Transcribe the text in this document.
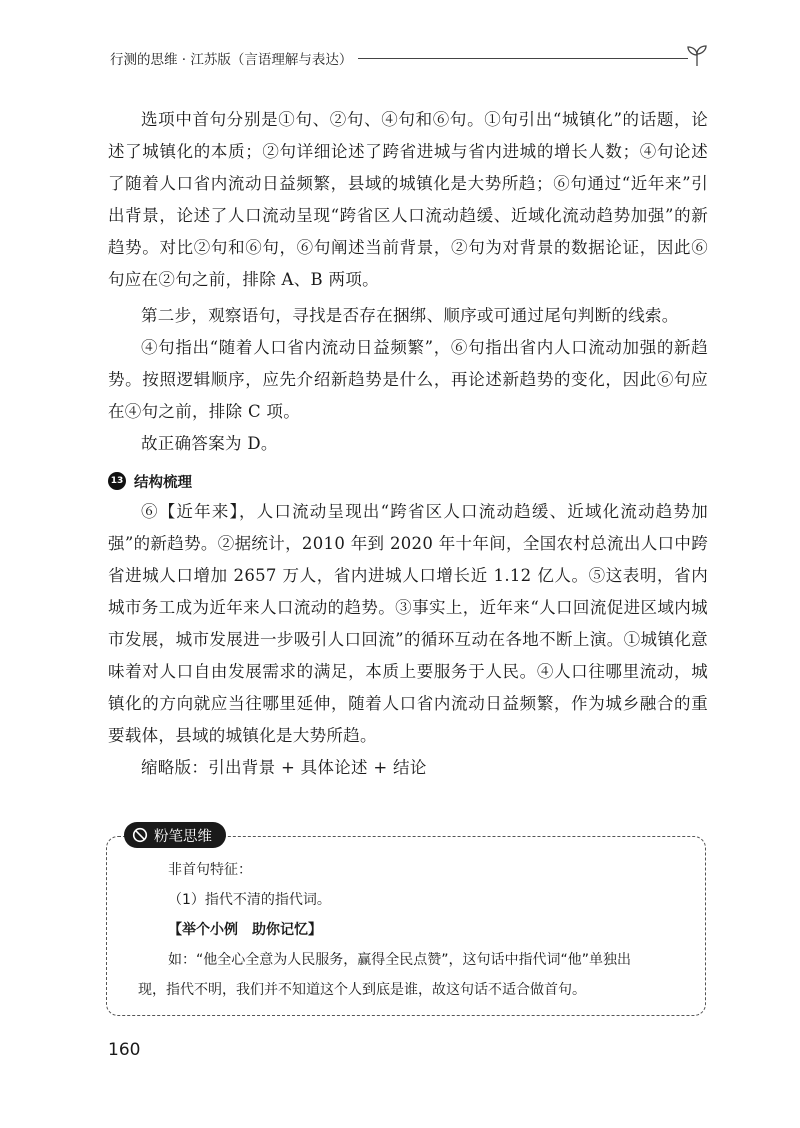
行测的思维 · 江苏版（言语理解与表达）

选项中首句分别是①句、②句、④句和⑥句。①句引出“城镇化”的话题，论述了城镇化的本质；②句详细论述了跨省进城与省内进城的增长人数；④句论述了随着人口省内流动日益频繁，县域的城镇化是大势所趋；⑥句通过“近年来”引出背景，论述了人口流动呈现“跨省区人口流动趋缓、近域化流动趋势加强”的新趋势。对比②句和⑥句，⑥句阐述当前背景，②句为对背景的数据论证，因此⑥句应在②句之前，排除 A、B 两项。

第二步，观察语句，寻找是否存在捆绑、顺序或可通过尾句判断的线索。

④句指出“随着人口省内流动日益频繁”，⑥句指出省内人口流动加强的新趋势。按照逻辑顺序，应先介绍新趋势是什么，再论述新趋势的变化，因此⑥句应在④句之前，排除 C 项。

故正确答案为 D。

13 结构梳理

⑥【近年来】，人口流动呈现出“跨省区人口流动趋缓、近域化流动趋势加强”的新趋势。②据统计，2010 年到 2020 年十年间，全国农村总流出人口中跨省进城人口增加 2657 万人，省内进城人口增长近 1.12 亿人。⑤这表明，省内城市务工成为近年来人口流动的趋势。③事实上，近年来“人口回流促进区域内城市发展，城市发展进一步吸引人口回流”的循环互动在各地不断上演。①城镇化意味着对人口自由发展需求的满足，本质上要服务于人民。④人口往哪里流动，城镇化的方向就应当往哪里延伸，随着人口省内流动日益频繁，作为城乡融合的重要载体，县域的城镇化是大势所趋。

缩略版：引出背景 + 具体论述 + 结论

粉笔思维

非首句特征：

（1）指代不清的指代词。

【举个小例　助你记忆】

如：“他全心全意为人民服务，赢得全民点赞”，这句话中指代词“他”单独出

现，指代不明，我们并不知道这个人到底是谁，故这句话不适合做首句。

160
